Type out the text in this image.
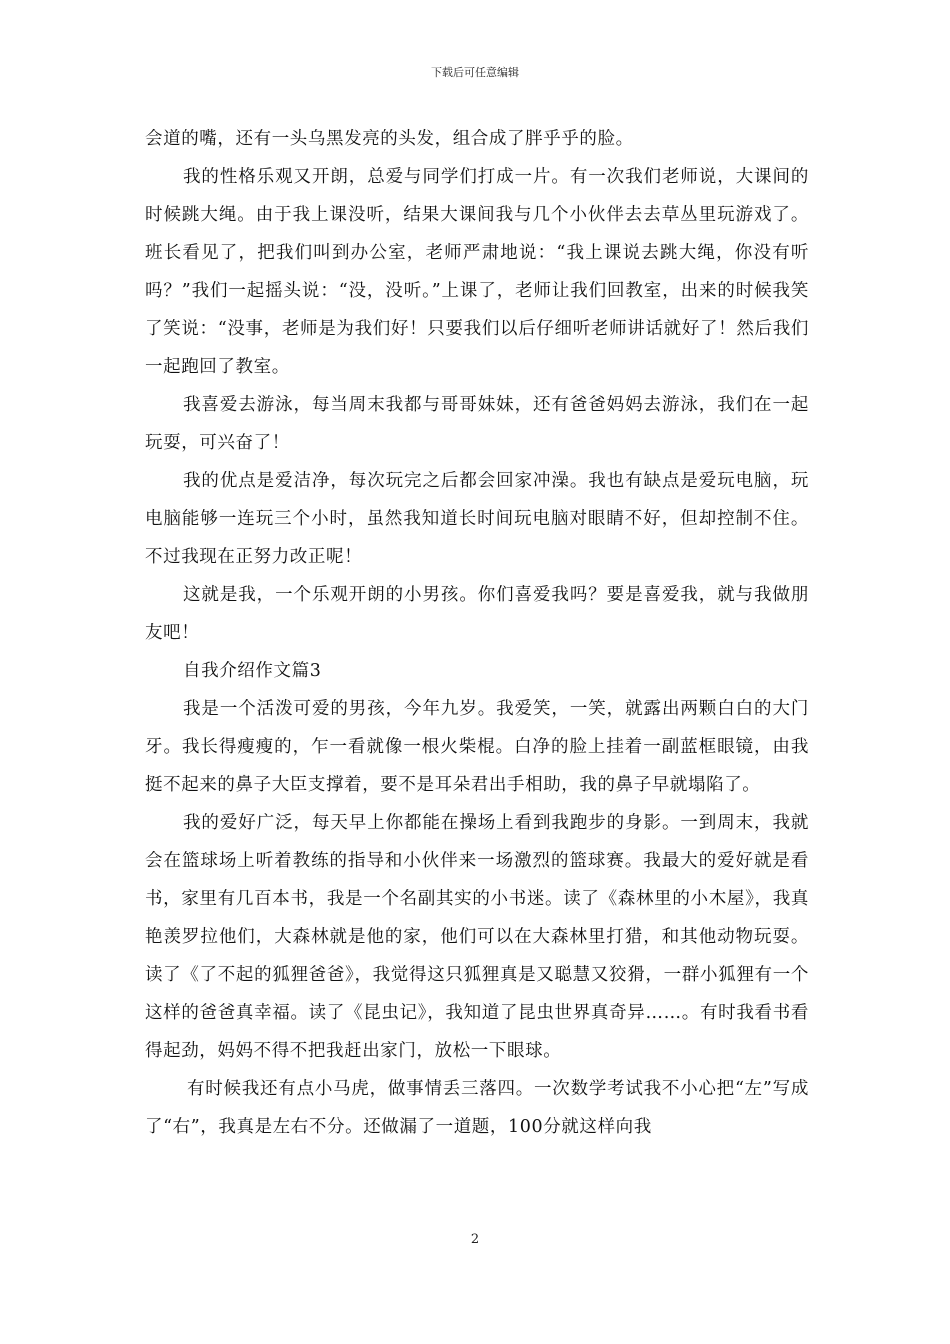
下载后可任意编辑

会道的嘴，还有一头乌黑发亮的头发，组合成了胖乎乎的脸。

我的性格乐观又开朗，总爱与同学们打成一片。有一次我们老师说，大课间的时候跳大绳。由于我上课没听，结果大课间我与几个小伙伴去去草丛里玩游戏了。班长看见了，把我们叫到办公室，老师严肃地说：“我上课说去跳大绳，你没有听吗？”我们一起摇头说：“没，没听。”上课了，老师让我们回教室，出来的时候我笑了笑说：“没事，老师是为我们好！只要我们以后仔细听老师讲话就好了！然后我们一起跑回了教室。

我喜爱去游泳，每当周末我都与哥哥妹妹，还有爸爸妈妈去游泳，我们在一起玩耍，可兴奋了！

我的优点是爱洁净，每次玩完之后都会回家冲澡。我也有缺点是爱玩电脑，玩电脑能够一连玩三个小时，虽然我知道长时间玩电脑对眼睛不好，但却控制不住。不过我现在正努力改正呢！

这就是我，一个乐观开朗的小男孩。你们喜爱我吗？要是喜爱我，就与我做朋友吧！

自我介绍作文篇3

我是一个活泼可爱的男孩，今年九岁。我爱笑，一笑，就露出两颗白白的大门牙。我长得瘦瘦的，乍一看就像一根火柴棍。白净的脸上挂着一副蓝框眼镜，由我挺不起来的鼻子大臣支撑着，要不是耳朵君出手相助，我的鼻子早就塌陷了。

我的爱好广泛，每天早上你都能在操场上看到我跑步的身影。一到周末，我就会在篮球场上听着教练的指导和小伙伴来一场激烈的篮球赛。我最大的爱好就是看书，家里有几百本书，我是一个名副其实的小书迷。读了《森林里的小木屋》，我真艳羡罗拉他们，大森林就是他的家，他们可以在大森林里打猎，和其他动物玩耍。读了《了不起的狐狸爸爸》，我觉得这只狐狸真是又聪慧又狡猾，一群小狐狸有一个这样的爸爸真幸福。读了《昆虫记》，我知道了昆虫世界真奇异……。有时我看书看得起劲，妈妈不得不把我赶出家门，放松一下眼球。

有时候我还有点小马虎，做事情丢三落四。一次数学考试我不小心把“左”写成了“右”，我真是左右不分。还做漏了一道题，100分就这样向我

2
